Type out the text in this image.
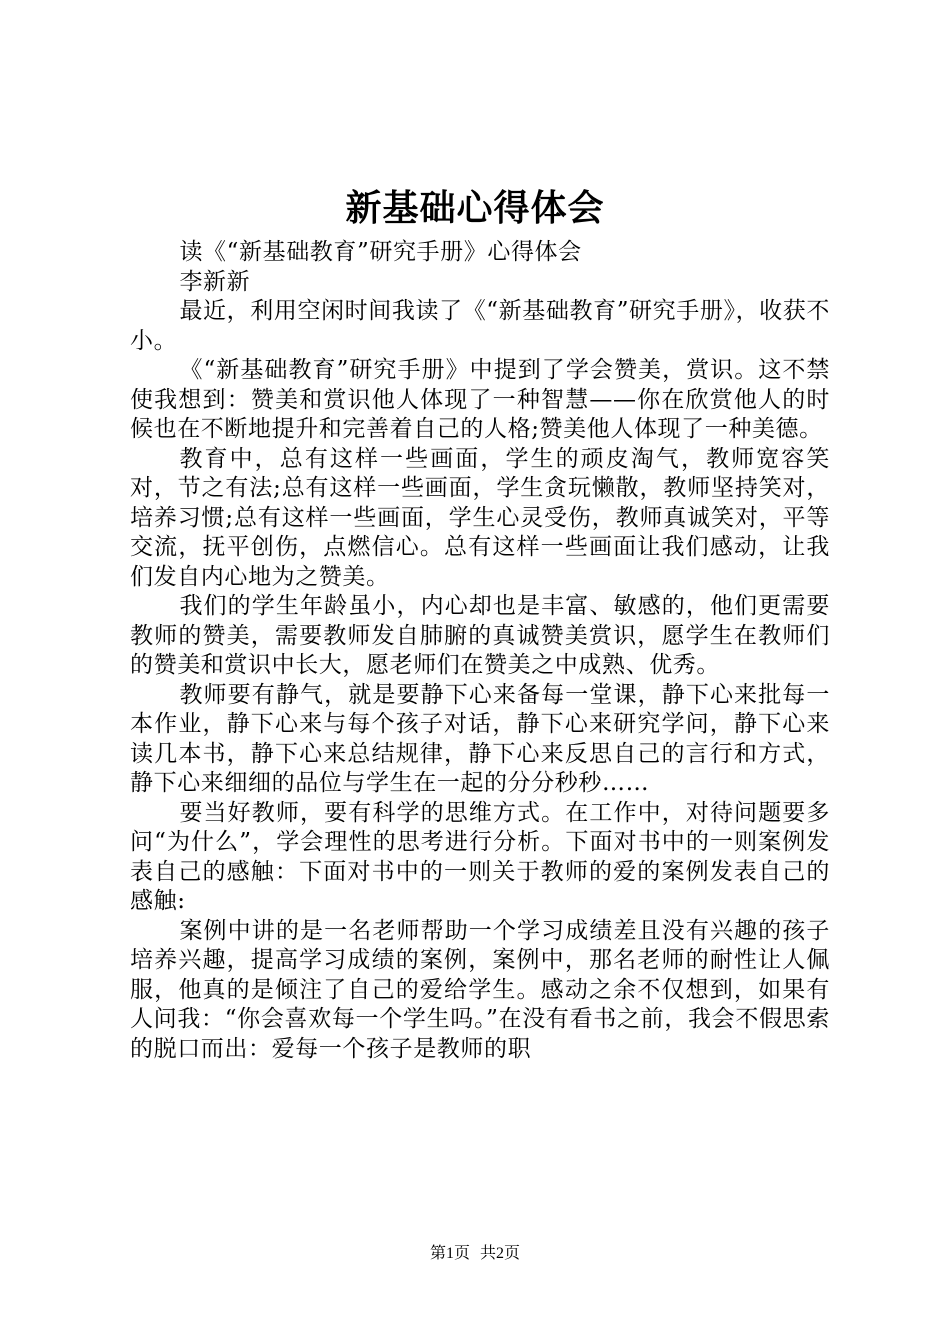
新基础心得体会

读《“新基础教育”研究手册》心得体会

李新新

最近，利用空闲时间我读了《“新基础教育”研究手册》，收获不小。

《“新基础教育”研究手册》中提到了学会赞美，赏识。这不禁使我想到：赞美和赏识他人体现了一种智慧——你在欣赏他人的时候也在不断地提升和完善着自己的人格;赞美他人体现了一种美德。

教育中，总有这样一些画面，学生的顽皮淘气，教师宽容笑对，节之有法;总有这样一些画面，学生贪玩懒散，教师坚持笑对，培养习惯;总有这样一些画面，学生心灵受伤，教师真诚笑对，平等交流，抚平创伤，点燃信心。总有这样一些画面让我们感动，让我们发自内心地为之赞美。

我们的学生年龄虽小，内心却也是丰富、敏感的，他们更需要教师的赞美，需要教师发自肺腑的真诚赞美赏识，愿学生在教师们的赞美和赏识中长大，愿老师们在赞美之中成熟、优秀。

教师要有静气，就是要静下心来备每一堂课，静下心来批每一本作业，静下心来与每个孩子对话，静下心来研究学问，静下心来读几本书，静下心来总结规律，静下心来反思自己的言行和方式，静下心来细细的品位与学生在一起的分分秒秒……

要当好教师，要有科学的思维方式。在工作中，对待问题要多问“为什么”，学会理性的思考进行分析。下面对书中的一则案例发表自己的感触：下面对书中的一则关于教师的爱的案例发表自己的感触:

案例中讲的是一名老师帮助一个学习成绩差且没有兴趣的孩子培养兴趣，提高学习成绩的案例，案例中，那名老师的耐性让人佩服，他真的是倾注了自己的爱给学生。感动之余不仅想到，如果有人问我：“你会喜欢每一个学生吗。”在没有看书之前，我会不假思索的脱口而出：爱每一个孩子是教师的职

第1页 共2页
